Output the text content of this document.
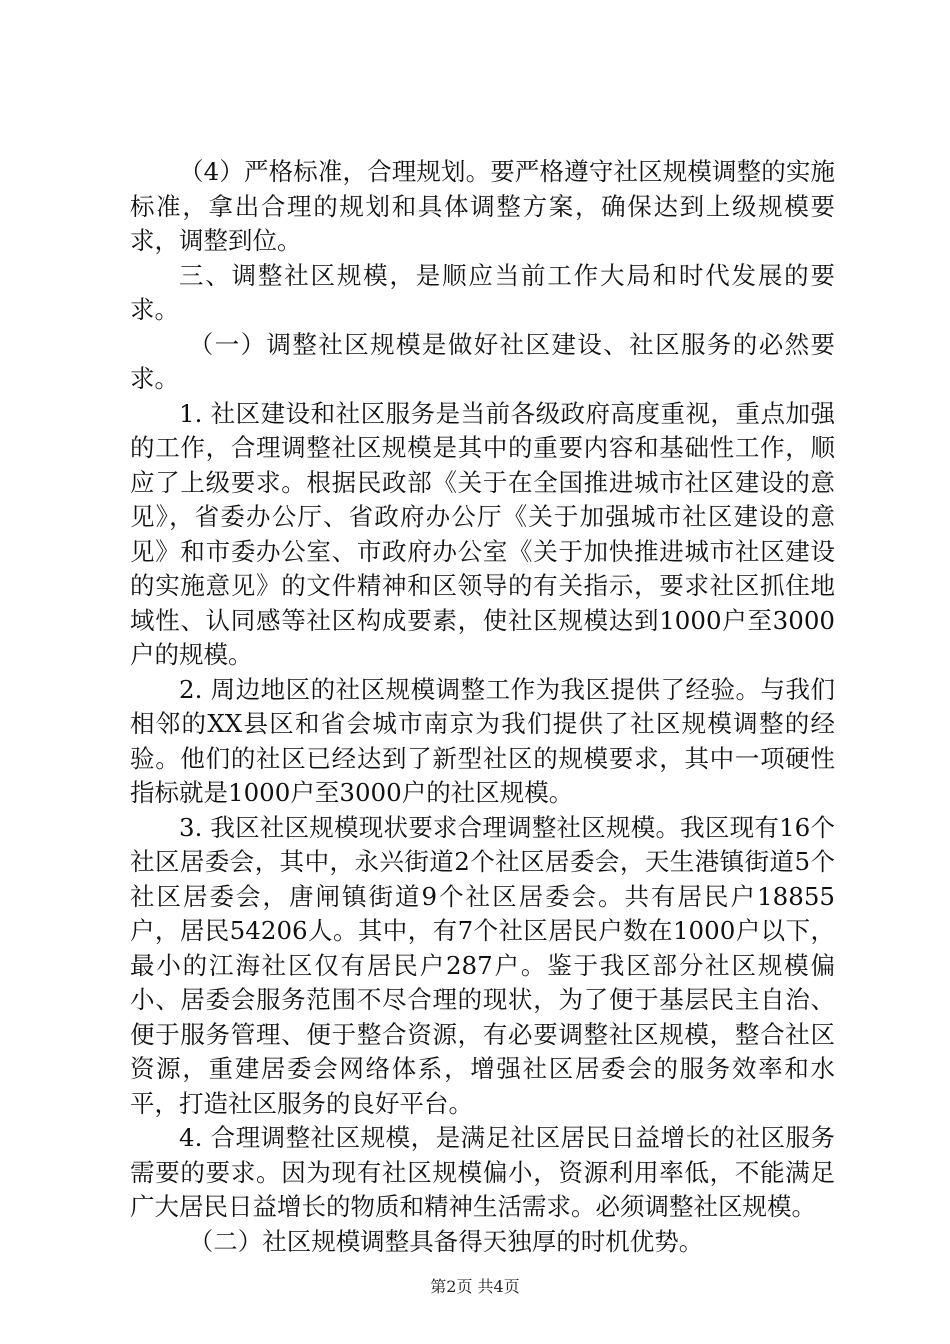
（4）严格标准，合理规划。要严格遵守社区规模调整的实施标准，拿出合理的规划和具体调整方案，确保达到上级规模要求，调整到位。

三、调整社区规模，是顺应当前工作大局和时代发展的要求。

（一）调整社区规模是做好社区建设、社区服务的必然要求。

1. 社区建设和社区服务是当前各级政府高度重视，重点加强的工作，合理调整社区规模是其中的重要内容和基础性工作，顺应了上级要求。根据民政部《关于在全国推进城市社区建设的意见》，省委办公厅、省政府办公厅《关于加强城市社区建设的意见》和市委办公室、市政府办公室《关于加快推进城市社区建设的实施意见》的文件精神和区领导的有关指示，要求社区抓住地域性、认同感等社区构成要素，使社区规模达到1000户至3000户的规模。

2. 周边地区的社区规模调整工作为我区提供了经验。与我们相邻的XX县区和省会城市南京为我们提供了社区规模调整的经验。他们的社区已经达到了新型社区的规模要求，其中一项硬性指标就是1000户至3000户的社区规模。

3. 我区社区规模现状要求合理调整社区规模。我区现有16个社区居委会，其中，永兴街道2个社区居委会，天生港镇街道5个社区居委会，唐闸镇街道9个社区居委会。共有居民户18855户，居民54206人。其中，有7个社区居民户数在1000户以下，最小的江海社区仅有居民户287户。鉴于我区部分社区规模偏小、居委会服务范围不尽合理的现状，为了便于基层民主自治、便于服务管理、便于整合资源，有必要调整社区规模，整合社区资源，重建居委会网络体系，增强社区居委会的服务效率和水平，打造社区服务的良好平台。

4. 合理调整社区规模，是满足社区居民日益增长的社区服务需要的要求。因为现有社区规模偏小，资源利用率低，不能满足广大居民日益增长的物质和精神生活需求。必须调整社区规模。

（二）社区规模调整具备得天独厚的时机优势。

第2页 共4页
